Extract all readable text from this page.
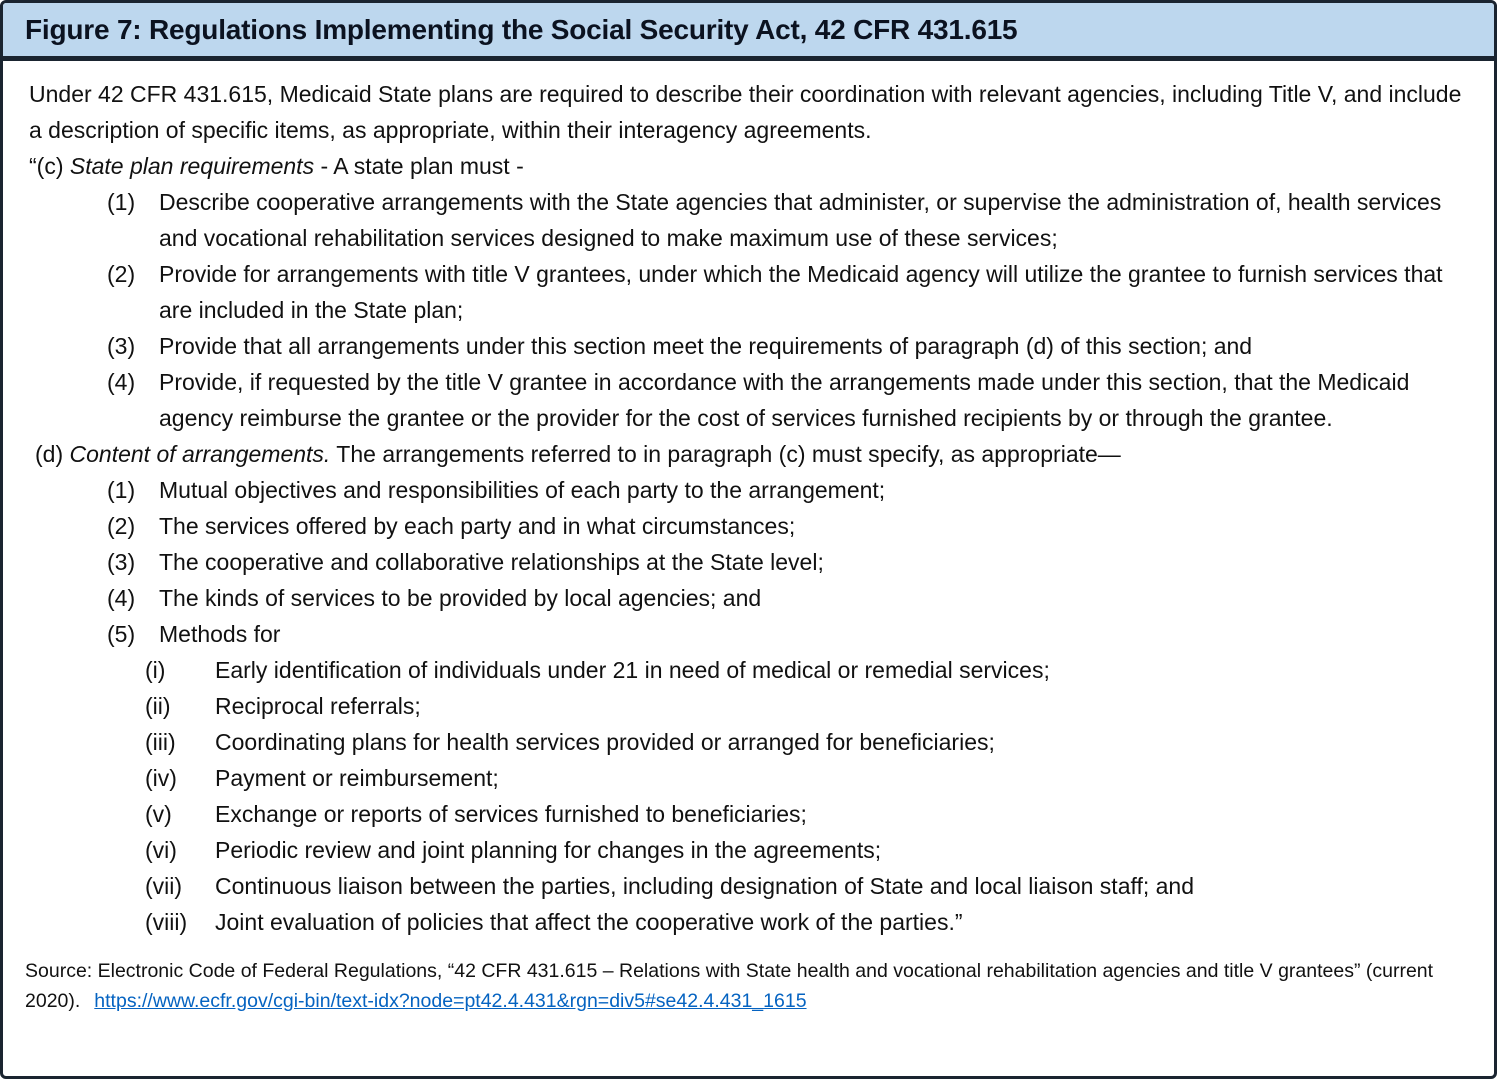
Figure 7: Regulations Implementing the Social Security Act, 42 CFR 431.615

Under 42 CFR 431.615, Medicaid State plans are required to describe their coordination with relevant agencies, including Title V, and include a description of specific items, as appropriate, within their interagency agreements.

“(c) State plan requirements - A state plan must -

(1)	Describe cooperative arrangements with the State agencies that administer, or supervise the administration of, health services and vocational rehabilitation services designed to make maximum use of these services;
(2)	Provide for arrangements with title V grantees, under which the Medicaid agency will utilize the grantee to furnish services that are included in the State plan;
(3)	Provide that all arrangements under this section meet the requirements of paragraph (d) of this section; and
(4)	Provide, if requested by the title V grantee in accordance with the arrangements made under this section, that the Medicaid agency reimburse the grantee or the provider for the cost of services furnished recipients by or through the grantee.

(d) Content of arrangements. The arrangements referred to in paragraph (c) must specify, as appropriate—

(1)	Mutual objectives and responsibilities of each party to the arrangement;
(2)	The services offered by each party and in what circumstances;
(3)	The cooperative and collaborative relationships at the State level;
(4)	The kinds of services to be provided by local agencies; and
(5)	Methods for
(i)	Early identification of individuals under 21 in need of medical or remedial services;
(ii)	Reciprocal referrals;
(iii)	Coordinating plans for health services provided or arranged for beneficiaries;
(iv)	Payment or reimbursement;
(v)	Exchange or reports of services furnished to beneficiaries;
(vi)	Periodic review and joint planning for changes in the agreements;
(vii)	Continuous liaison between the parties, including designation of State and local liaison staff; and
(viii)	Joint evaluation of policies that affect the cooperative work of the parties.”
Source: Electronic Code of Federal Regulations, “42 CFR 431.615 – Relations with State health and vocational rehabilitation agencies and title V grantees” (current 2020). https://www.ecfr.gov/cgi-bin/text-idx?node=pt42.4.431&rgn=div5#se42.4.431_1615
